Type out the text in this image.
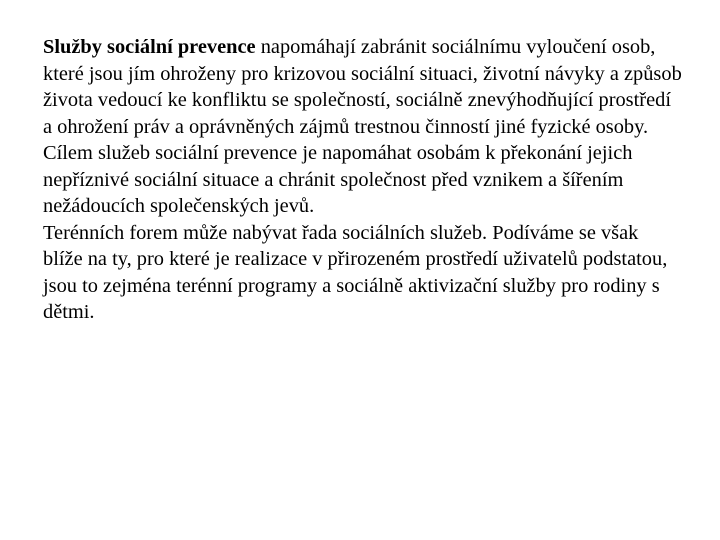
Služby sociální prevence napomáhají zabránit sociálnímu vyloučení osob, které jsou jím ohroženy pro krizovou sociální situaci, životní návyky a způsob života vedoucí ke konfliktu se společností, sociálně znevýhodňující prostředí a ohrožení práv a oprávněných zájmů trestnou činností jiné fyzické osoby. Cílem služeb sociální prevence je napomáhat osobám k překonání jejich nepříznivé sociální situace a chránit společnost před vznikem a šířením nežádoucích společenských jevů.

Terénních forem může nabývat řada sociálních služeb. Podíváme se však blíže na ty, pro které je realizace v přirozeném prostředí uživatelů podstatou, jsou to zejména terénní programy a sociálně aktivizační služby pro rodiny s dětmi.
